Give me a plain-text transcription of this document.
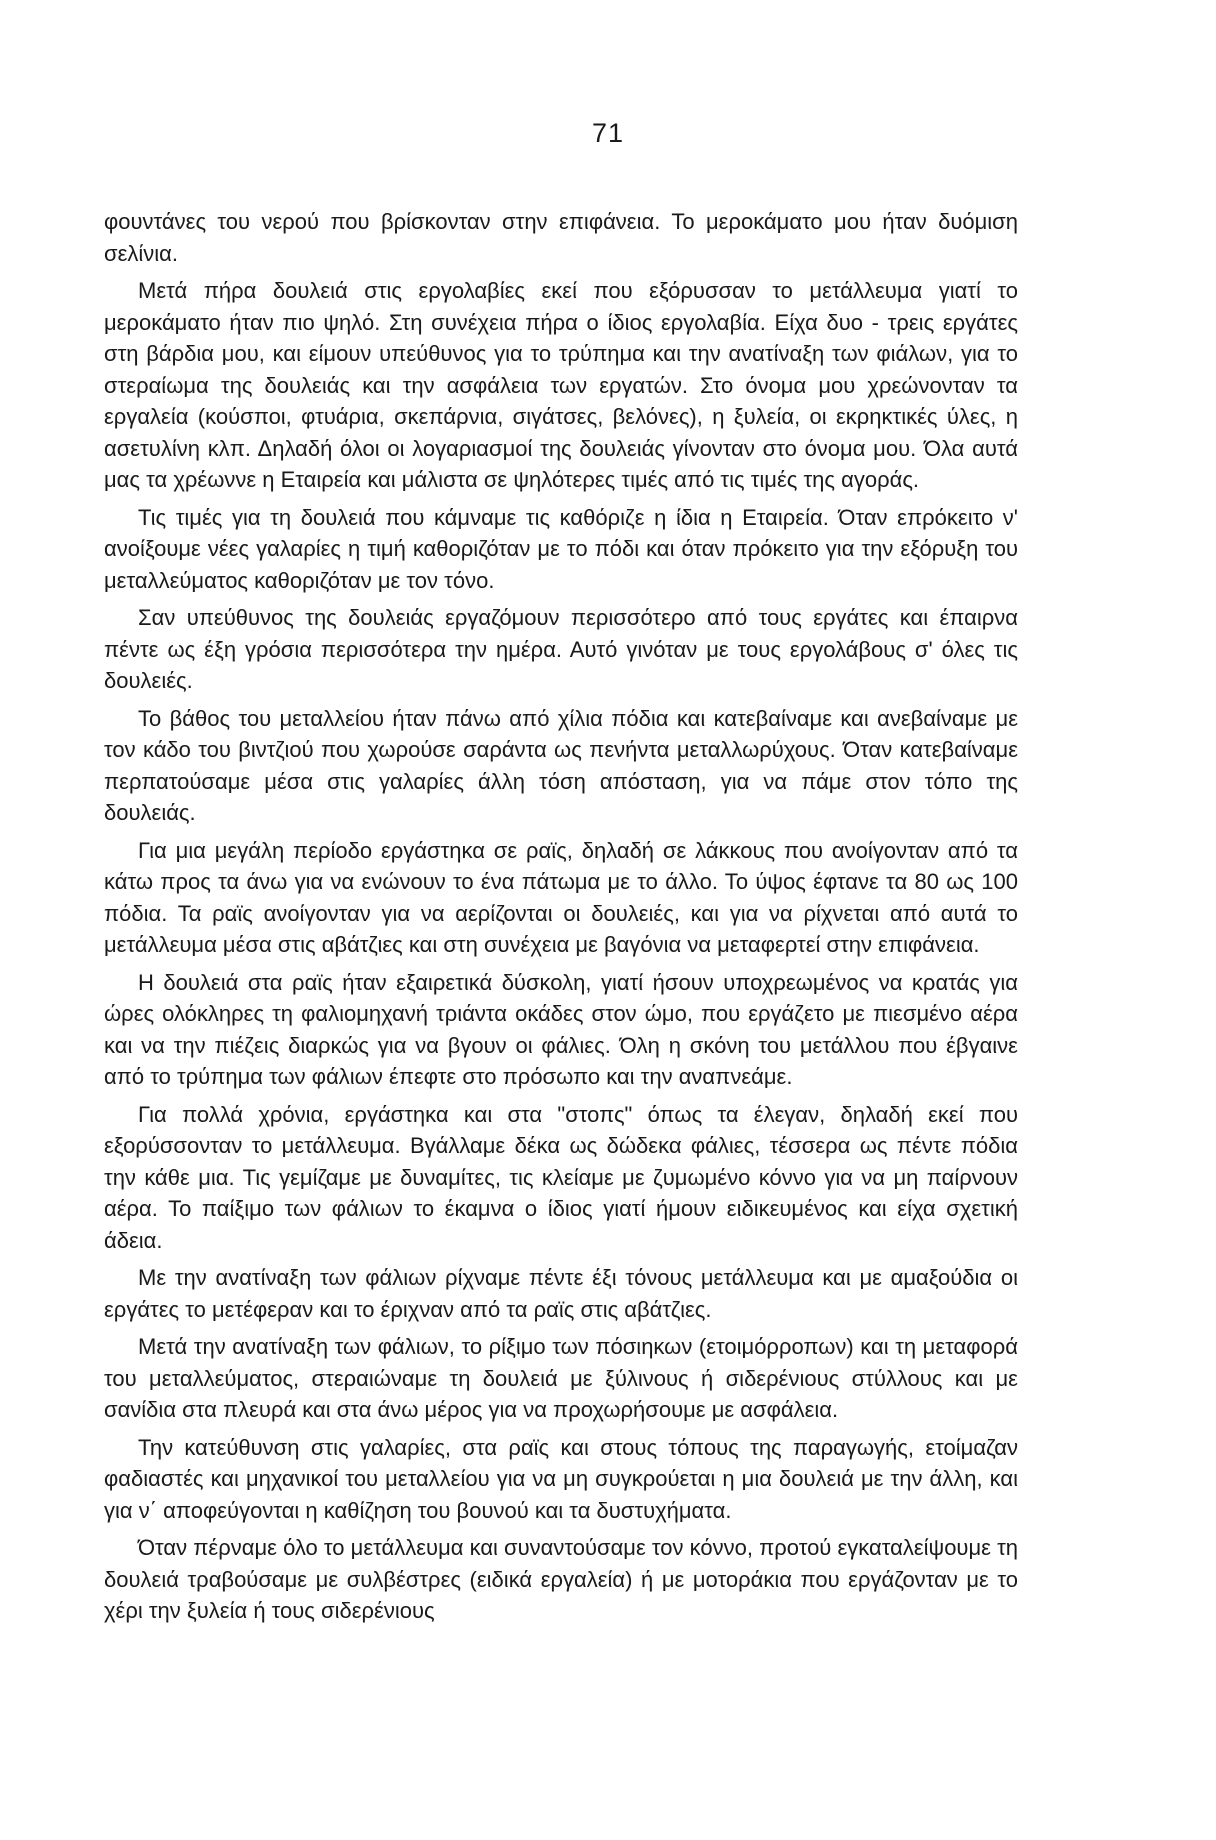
71

φουντάνες του νερού που βρίσκονταν στην επιφάνεια. Το μεροκάματο μου ήταν δυόμιση σελίνια.

Μετά πήρα δουλειά στις εργολαβίες εκεί που εξόρυσσαν το μετάλλευμα γιατί το μεροκάματο ήταν πιο ψηλό. Στη συνέχεια πήρα ο ίδιος εργολαβία. Είχα δυο - τρεις εργάτες στη βάρδια μου, και είμουν υπεύθυνος για το τρύπημα και την ανατίναξη των φιάλων, για το στεραίωμα της δουλειάς και την ασφάλεια των εργατών. Στο όνομα μου χρεώνονταν τα εργαλεία (κούσποι, φτυάρια, σκεπάρνια, σιγάτσες, βελόνες), η ξυλεία, οι εκρηκτικές ύλες, η ασετυλίνη κλπ. Δηλαδή όλοι οι λογαριασμοί της δουλειάς γίνονταν στο όνομα μου. Όλα αυτά μας τα χρέωννε η Εταιρεία και μάλιστα σε ψηλότερες τιμές από τις τιμές της αγοράς.

Τις τιμές για τη δουλειά που κάμναμε τις καθόριζε η ίδια η Εταιρεία. Όταν επρόκειτο ν' ανοίξουμε νέες γαλαρίες η τιμή καθοριζόταν με το πόδι και όταν πρόκειτο για την εξόρυξη του μεταλλεύματος καθοριζόταν με τον τόνο.

Σαν υπεύθυνος της δουλειάς εργαζόμουν περισσότερο από τους εργάτες και έπαιρνα πέντε ως έξη γρόσια περισσότερα την ημέρα. Αυτό γινόταν με τους εργολάβους σ' όλες τις δουλειές.

Το βάθος του μεταλλείου ήταν πάνω από χίλια πόδια και κατεβαίναμε και ανεβαίναμε με τον κάδο του βιντζιού που χωρούσε σαράντα ως πενήντα μεταλλωρύχους. Όταν κατεβαίναμε περπατούσαμε μέσα στις γαλαρίες άλλη τόση απόσταση, για να πάμε στον τόπο της δουλειάς.

Για μια μεγάλη περίοδο εργάστηκα σε ραϊς, δηλαδή σε λάκκους που ανοίγονταν από τα κάτω προς τα άνω για να ενώνουν το ένα πάτωμα με το άλλο. Το ύψος έφτανε τα 80 ως 100 πόδια. Τα ραϊς ανοίγονταν για να αερίζονται οι δουλειές, και για να ρίχνεται από αυτά το μετάλλευμα μέσα στις αβάτζιες και στη συνέχεια με βαγόνια να μεταφερτεί στην επιφάνεια.

Η δουλειά στα ραϊς ήταν εξαιρετικά δύσκολη, γιατί ήσουν υποχρεωμένος να κρατάς για ώρες ολόκληρες τη φαλιομηχανή τριάντα οκάδες στον ώμο, που εργάζετο με πιεσμένο αέρα και να την πιέζεις διαρκώς για να βγουν οι φάλιες. Όλη η σκόνη του μετάλλου που έβγαινε από το τρύπημα των φάλιων έπεφτε στο πρόσωπο και την αναπνεάμε.

Για πολλά χρόνια, εργάστηκα και στα "στοπς" όπως τα έλεγαν, δηλαδή εκεί που εξορύσσονταν το μετάλλευμα. Βγάλλαμε δέκα ως δώδεκα φάλιες, τέσσερα ως πέντε πόδια την κάθε μια. Τις γεμίζαμε με δυναμίτες, τις κλείαμε με ζυμωμένο κόννο για να μη παίρνουν αέρα. Το παίξιμο των φάλιων το έκαμνα ο ίδιος γιατί ήμουν ειδικευμένος και είχα σχετική άδεια.

Με την ανατίναξη των φάλιων ρίχναμε πέντε έξι τόνους μετάλλευμα και με αμαξούδια οι εργάτες το μετέφεραν και το έριχναν από τα ραϊς στις αβάτζιες.

Μετά την ανατίναξη των φάλιων, το ρίξιμο των πόσιηκων (ετοιμόρροπων) και τη μεταφορά του μεταλλεύματος, στεραιώναμε τη δουλειά με ξύλινους ή σιδερένιους στύλλους και με σανίδια στα πλευρά και στα άνω μέρος για να προχωρήσουμε με ασφάλεια.

Την κατεύθυνση στις γαλαρίες, στα ραϊς και στους τόπους της παραγωγής, ετοίμαζαν φαδιαστές και μηχανικοί του μεταλλείου για να μη συγκρούεται η μια δουλειά με την άλλη, και για ν΄ αποφεύγονται η καθίζηση του βουνού και τα δυστυχήματα.

Όταν πέρναμε όλο το μετάλλευμα και συναντούσαμε τον κόννο, προτού εγκαταλείψουμε τη δουλειά τραβούσαμε με συλβέστρες (ειδικά εργαλεία) ή με μοτοράκια που εργάζονταν με το χέρι την ξυλεία ή τους σιδερένιους
